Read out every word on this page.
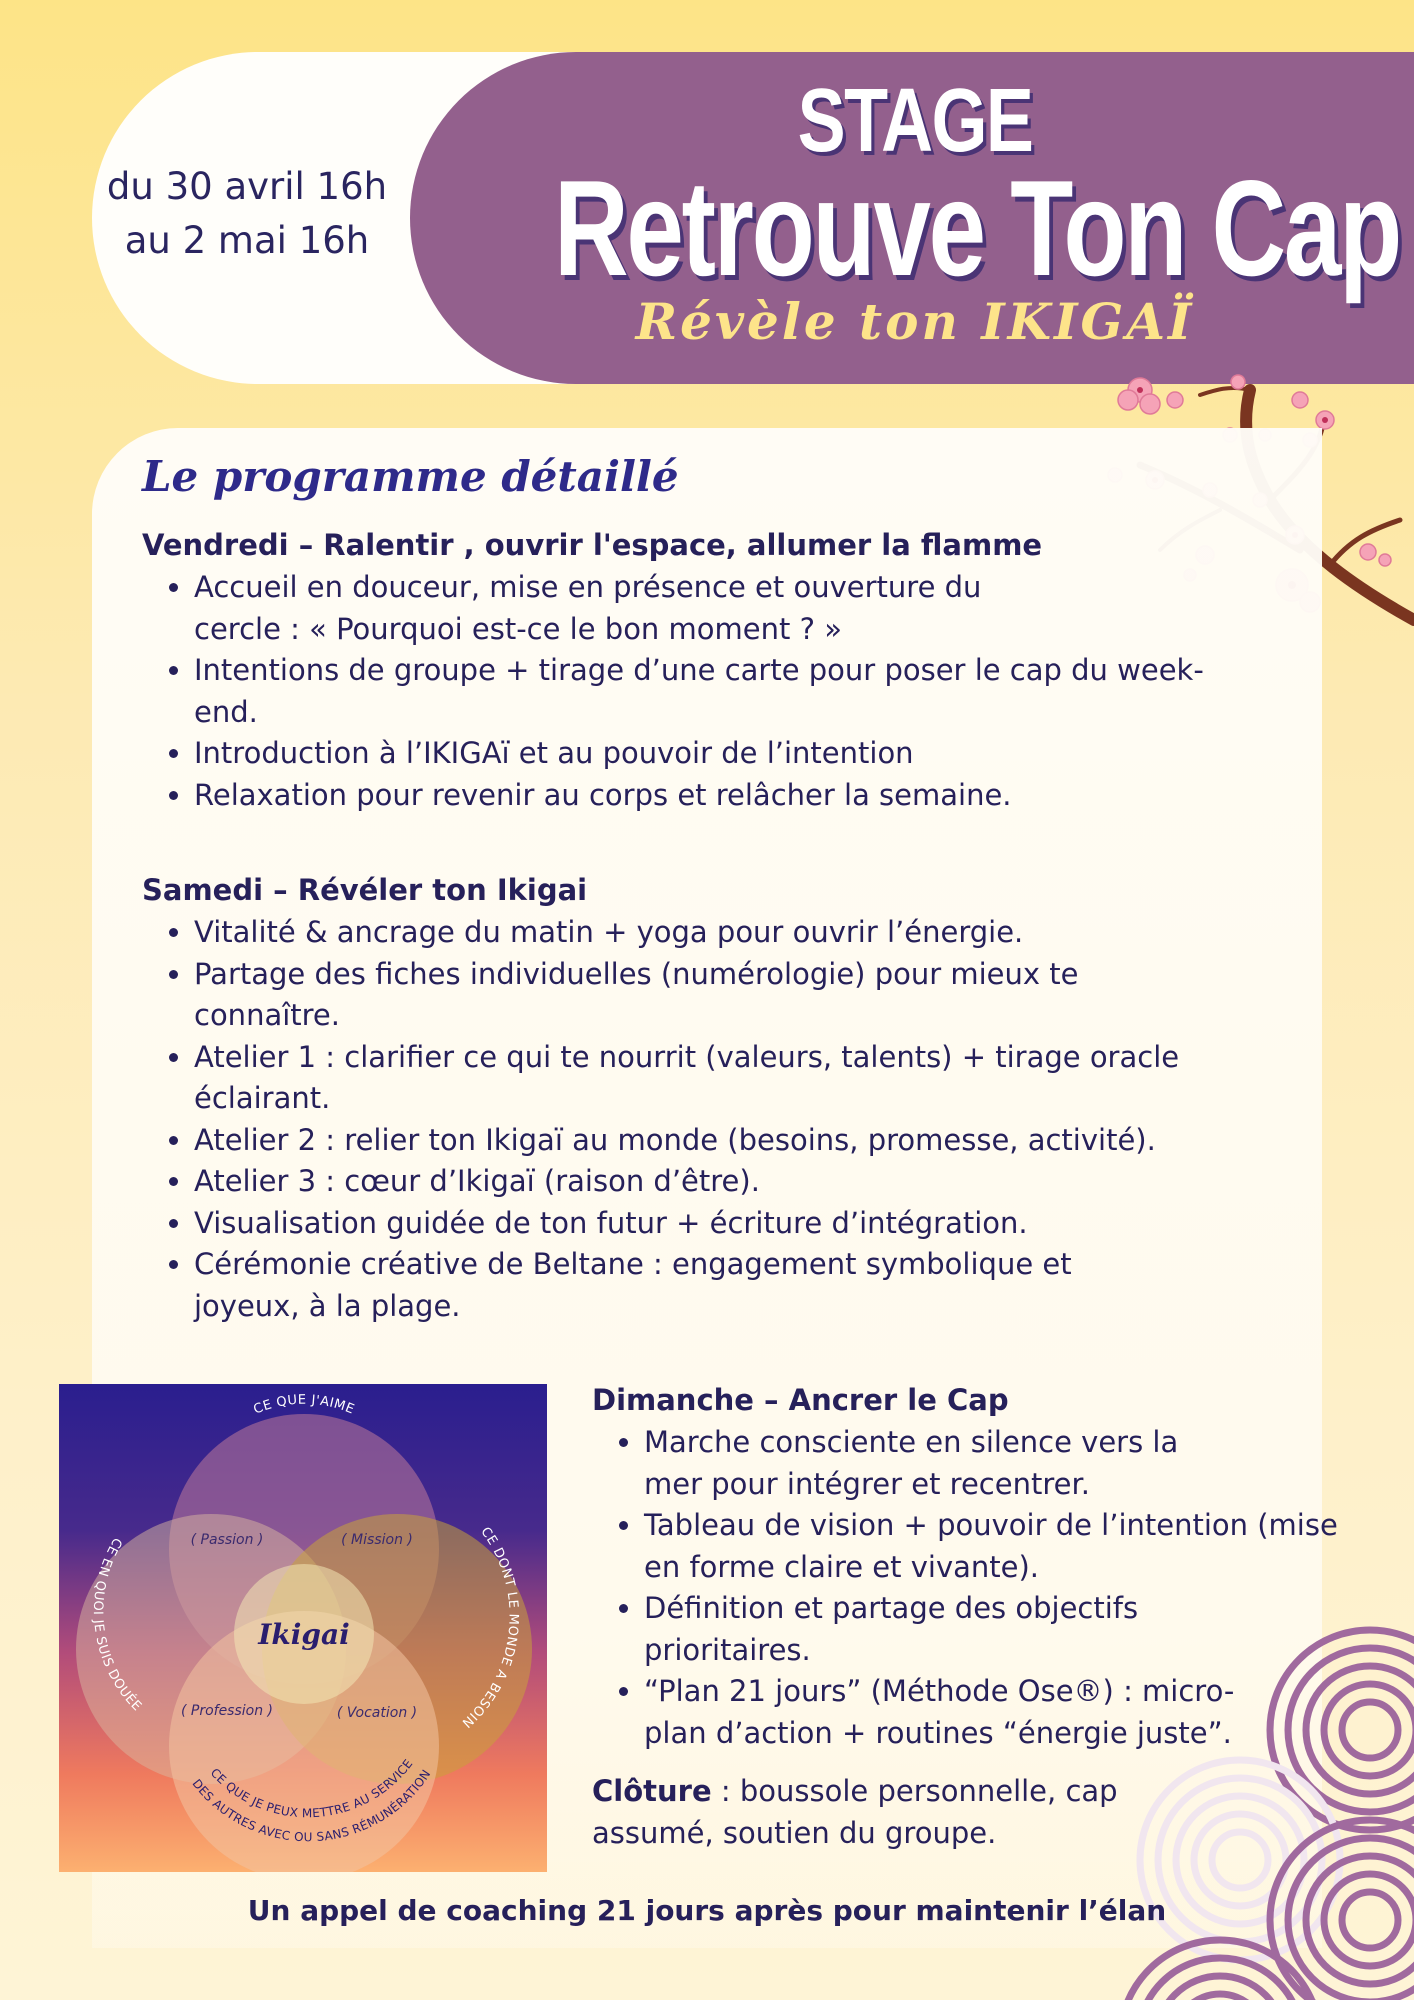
du 30 avril 16h
au 2 mai 16h
STAGE
Retrouve Ton Cap
Révèle ton IKIGAÏ
Le programme détaillé
Vendredi – Ralentir , ouvrir l'espace, allumer la flamme
• Accueil en douceur, mise en présence et ouverture du cercle : « Pourquoi est-ce le bon moment ? »
• Intentions de groupe + tirage d’une carte pour poser le cap du week-end.
• Introduction à l’IKIGAï et au pouvoir de l’intention
• Relaxation pour revenir au corps et relâcher la semaine.
Samedi – Révéler ton Ikigai
• Vitalité & ancrage du matin + yoga pour ouvrir l’énergie.
• Partage des fiches individuelles (numérologie) pour mieux te connaître.
• Atelier 1 : clarifier ce qui te nourrit (valeurs, talents) + tirage oracle éclairant.
• Atelier 2 : relier ton Ikigaï au monde (besoins, promesse, activité).
• Atelier 3 : cœur d’Ikigaï (raison d’être).
• Visualisation guidée de ton futur + écriture d’intégration.
• Cérémonie créative de Beltane : engagement symbolique et joyeux, à la plage.
CE QUE J'AIME
CE EN QUOI JE SUIS DOUÉE
CE DONT LE MONDE A BESOIN
CE QUE JE PEUX METTRE AU SERVICE
DES AUTRES AVEC OU SANS RÉMUNÉRATION
( Passion )	( Mission )
( Profession )	( Vocation )
Ikigai
Dimanche – Ancrer le Cap
• Marche consciente en silence vers la mer pour intégrer et recentrer.
• Tableau de vision + pouvoir de l’intention (mise en forme claire et vivante).
• Définition et partage des objectifs prioritaires.
• “Plan 21 jours” (Méthode Ose®) : micro-plan d’action + routines “énergie juste”.
Clôture : boussole personnelle, cap assumé, soutien du groupe.
Un appel de coaching 21 jours après pour maintenir l’élan
